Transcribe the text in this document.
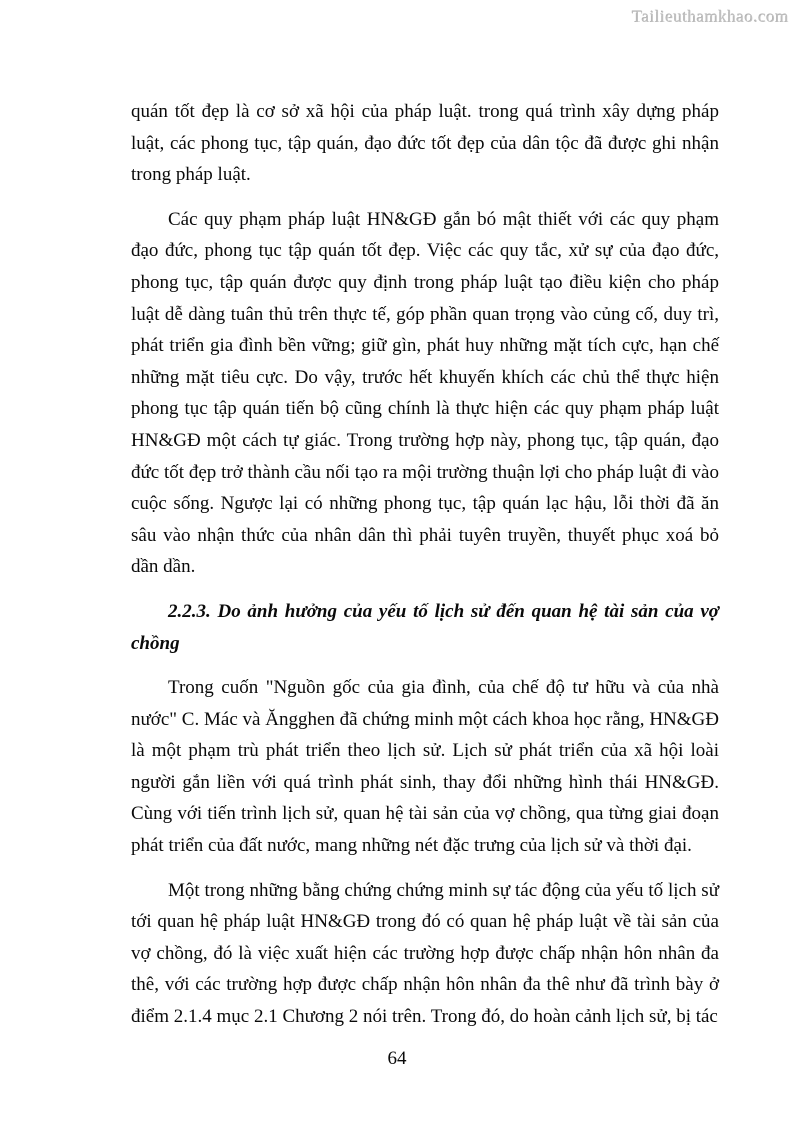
Tailieuthamkhao.com

quán tốt đẹp là cơ sở xã hội của pháp luật. trong quá trình xây dựng pháp luật, các phong tục, tập quán, đạo đức tốt đẹp của dân tộc đã được ghi nhận trong pháp luật.

Các quy phạm pháp luật HN&GĐ gắn bó mật thiết với các quy phạm đạo đức, phong tục tập quán tốt đẹp. Việc các quy tắc, xử sự của đạo đức, phong tục, tập quán được quy định trong pháp luật tạo điều kiện cho pháp luật dễ dàng tuân thủ trên thực tế, góp phần quan trọng vào củng cố, duy trì, phát triển gia đình bền vững; giữ gìn, phát huy những mặt tích cực, hạn chế những mặt tiêu cực. Do vậy, trước hết khuyến khích các chủ thể thực hiện phong tục tập quán tiến bộ cũng chính là thực hiện các quy phạm pháp luật HN&GĐ một cách tự giác. Trong trường hợp này, phong tục, tập quán, đạo đức tốt đẹp trở thành cầu nối tạo ra mội trường thuận lợi cho pháp luật đi vào cuộc sống. Ngược lại có những phong tục, tập quán lạc hậu, lỗi thời đã ăn sâu vào nhận thức của nhân dân thì phải tuyên truyền, thuyết phục xoá bỏ dần dần.

2.2.3. Do ảnh hưởng của yếu tố lịch sử đến quan hệ tài sản của vợ chồng

Trong cuốn "Nguồn gốc của gia đình, của chế độ tư hữu và của nhà nước" C. Mác và Ăngghen đã chứng minh một cách khoa học rằng, HN&GĐ là một phạm trù phát triển theo lịch sử. Lịch sử phát triển của xã hội loài người gắn liền với quá trình phát sinh, thay đổi những hình thái HN&GĐ. Cùng với tiến trình lịch sử, quan hệ tài sản của vợ chồng, qua từng giai đoạn phát triển của đất nước, mang những nét đặc trưng của lịch sử và thời đại.

Một trong những bằng chứng chứng minh sự tác động của yếu tố lịch sử tới quan hệ pháp luật HN&GĐ trong đó có quan hệ pháp luật về tài sản của vợ chồng, đó là việc xuất hiện các trường hợp được chấp nhận hôn nhân đa thê, với các trường hợp được chấp nhận hôn nhân đa thê như đã trình bày ở điểm 2.1.4 mục 2.1 Chương 2 nói trên. Trong đó, do hoàn cảnh lịch sử, bị tác

64
